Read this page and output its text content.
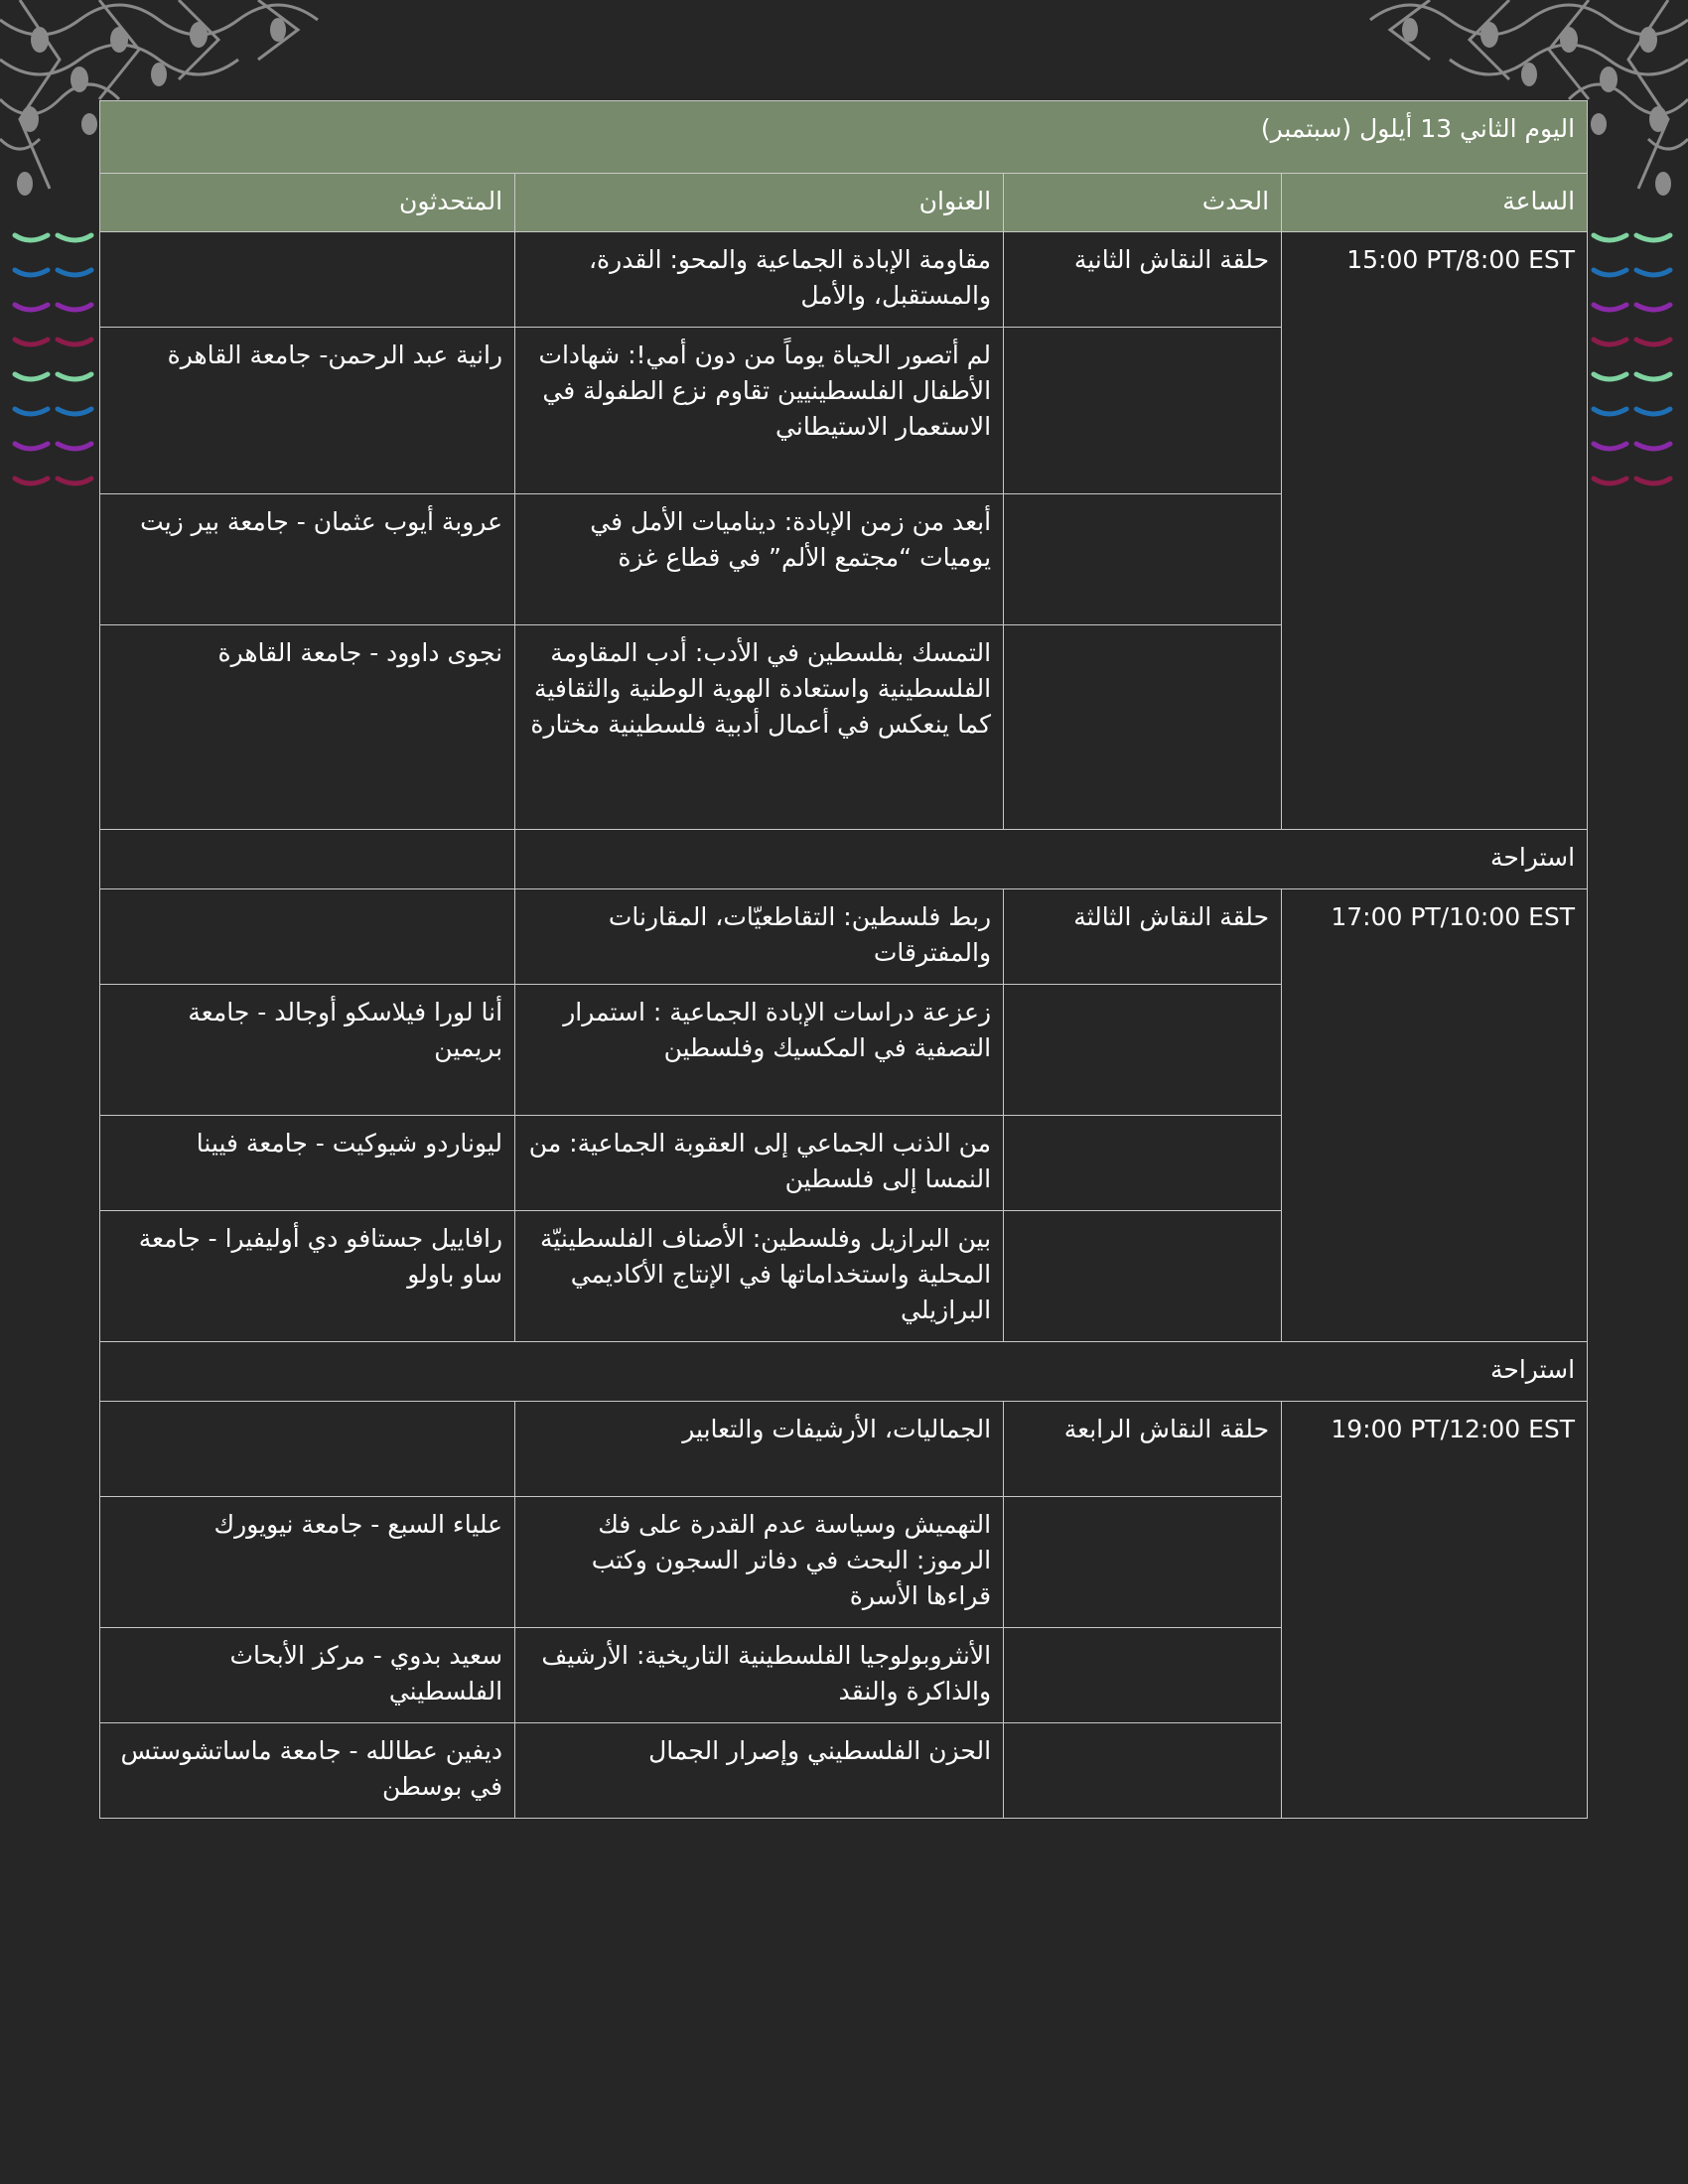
اليوم الثاني 13 أيلول (سبتمبر)			
الساعة	الحدث	العنوان	المتحدثون
15:00 PT/8:00 EST	حلقة النقاش الثانية	مقاومة الإبادة الجماعية والمحو: القدرة، والمستقبل، والأمل	
		لم أتصور الحياة يوماً من دون أمي!: شهادات الأطفال الفلسطينيين تقاوم نزع الطفولة في الاستعمار الاستيطاني	رانية عبد الرحمن- جامعة القاهرة
		أبعد من زمن الإبادة: ديناميات الأمل في يوميات “مجتمع الألم” في قطاع غزة	عروبة أيوب عثمان - جامعة بير زيت
		التمسك بفلسطين في الأدب: أدب المقاومة الفلسطينية واستعادة الهوية الوطنية والثقافية كما ينعكس في أعمال أدبية فلسطينية مختارة	نجوى داوود - جامعة القاهرة
استراحة			
17:00 PT/10:00 EST	حلقة النقاش الثالثة	ربط فلسطين: التقاطعيّات، المقارنات والمفترقات	
		زعزعة دراسات الإبادة الجماعية : استمرار التصفية في المكسيك وفلسطين	أنا لورا فيلاسكو أوجالد - جامعة بريمين
		من الذنب الجماعي إلى العقوبة الجماعية: من النمسا إلى فلسطين	ليوناردو شيوكيت - جامعة فيينا
		بين البرازيل وفلسطين: الأصناف الفلسطينيّة المحلية واستخداماتها في الإنتاج الأكاديمي البرازيلي	رافاييل جستافو دي أوليفيرا - جامعة ساو باولو
استراحة			
19:00 PT/12:00 EST	حلقة النقاش الرابعة	الجماليات، الأرشيفات والتعابير	
		التهميش وسياسة عدم القدرة على فك الرموز: البحث في دفاتر السجون وكتب قراءها الأسرة	علياء السبع - جامعة نيويورك
		الأنثروبولوجيا الفلسطينية التاريخية: الأرشيف والذاكرة والنقد	سعيد بدوي - مركز الأبحاث الفلسطيني
		الحزن الفلسطيني وإصرار الجمال	ديفين عطالله - جامعة ماساتشوستس في بوسطن
